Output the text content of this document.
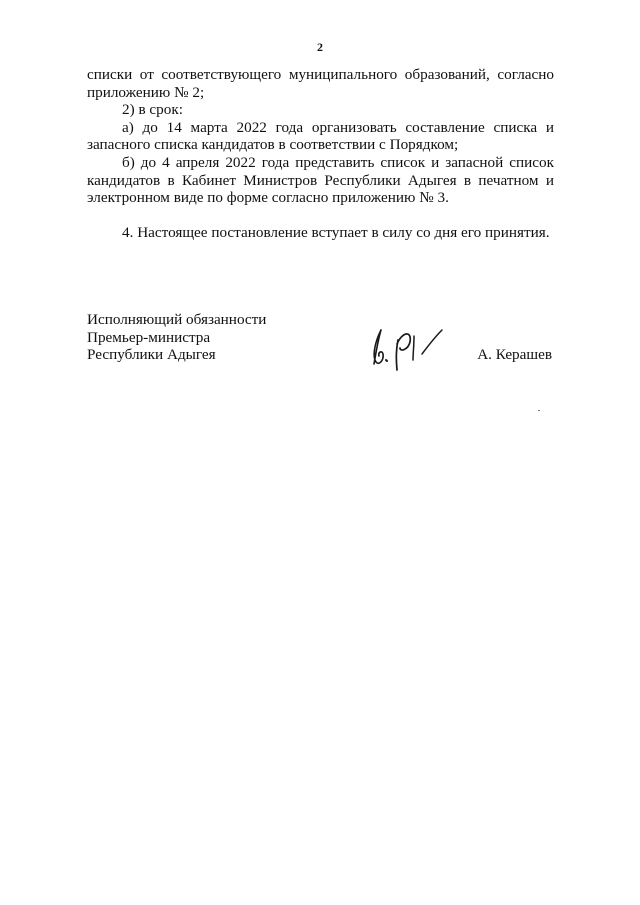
2

списки от соответствующего муниципального образований, согласно

приложению № 2;

2) в срок:

а) до 14 марта 2022 года организовать составление списка и запасного списка кандидатов в соответствии с Порядком;

б) до 4 апреля 2022 года представить список и запасной список кандидатов в Кабинет Министров Республики Адыгея в печатном и электронном виде по форме согласно приложению № 3.

4. Настоящее постановление вступает в силу со дня его принятия.

Исполняющий обязанности
Премьер-министра
Республики Адыгея	А. Керашев
